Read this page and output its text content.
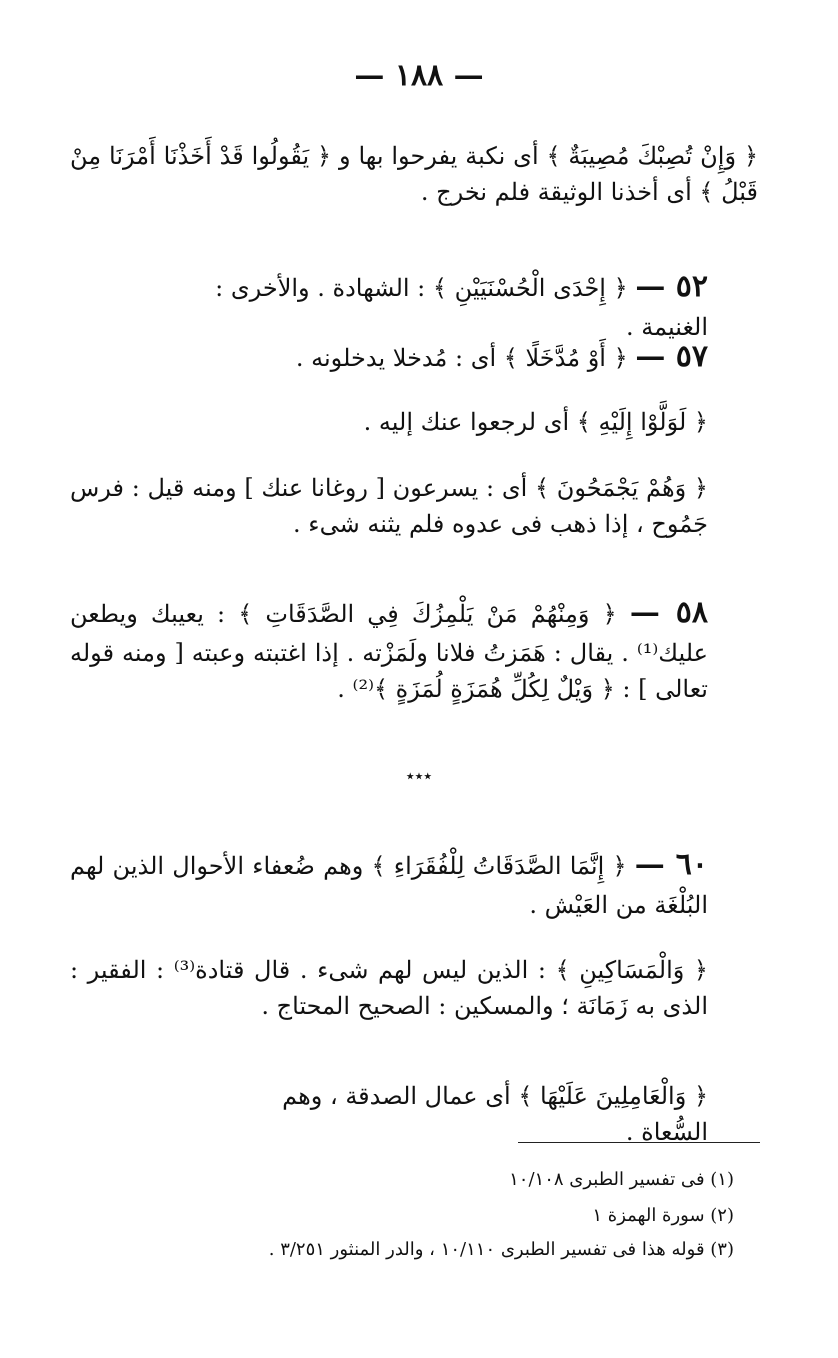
— ١٨٨ —

﴿ وَإِنْ تُصِبْكَ مُصِيبَةٌ ﴾ أى نكبة يفرحوا بها و ﴿ يَقُولُوا قَدْ أَخَذْنَا أَمْرَنَا مِنْ قَبْلُ ﴾ أى أخذنا الوثيقة فلم نخرج .

٥٢ — ﴿ إِحْدَى الْحُسْنَيَيْنِ ﴾ : الشهادة . والأخرى : الغنيمة .

٥٧ — ﴿ أَوْ مُدَّخَلًا ﴾ أى : مُدخلا يدخلونه .

﴿ لَوَلَّوْا إِلَيْهِ ﴾ أى لرجعوا عنك إليه .

﴿ وَهُمْ يَجْمَحُونَ ﴾ أى : يسرعون [ روغانا عنك ] ومنه قيل : فرس جَمُوح ، إذا ذهب فى عدوه فلم يثنه شىء .

٥٨ — ﴿ وَمِنْهُمْ مَنْ يَلْمِزُكَ فِي الصَّدَقَاتِ ﴾ : يعيبك ويطعن عليك⁽¹⁾ . يقال : هَمَزتُ فلانا ولَمَزْته . إذا اغتبته وعبته [ ومنه قوله تعالى ] : ﴿ وَيْلٌ لِكُلِّ هُمَزَةٍ لُمَزَةٍ ﴾⁽²⁾ .

٭٭٭

٦٠ — ﴿ إِنَّمَا الصَّدَقَاتُ لِلْفُقَرَاءِ ﴾ وهم ضُعفاء الأحوال الذين لهم البُلْغَة من العَيْش .

﴿ وَالْمَسَاكِينِ ﴾ : الذين ليس لهم شىء . قال قتادة⁽³⁾ : الفقير : الذى به زَمَانَة ؛ والمسكين : الصحيح المحتاج .

﴿ وَالْعَامِلِينَ عَلَيْهَا ﴾ أى عمال الصدقة ، وهم السُّعاة .

(١) فى تفسير الطبرى ١٠/١٠٨

(٢) سورة الهمزة ١

(٣) قوله هذا فى تفسير الطبرى ١٠/١١٠ ، والدر المنثور ٣/٢٥١ .
